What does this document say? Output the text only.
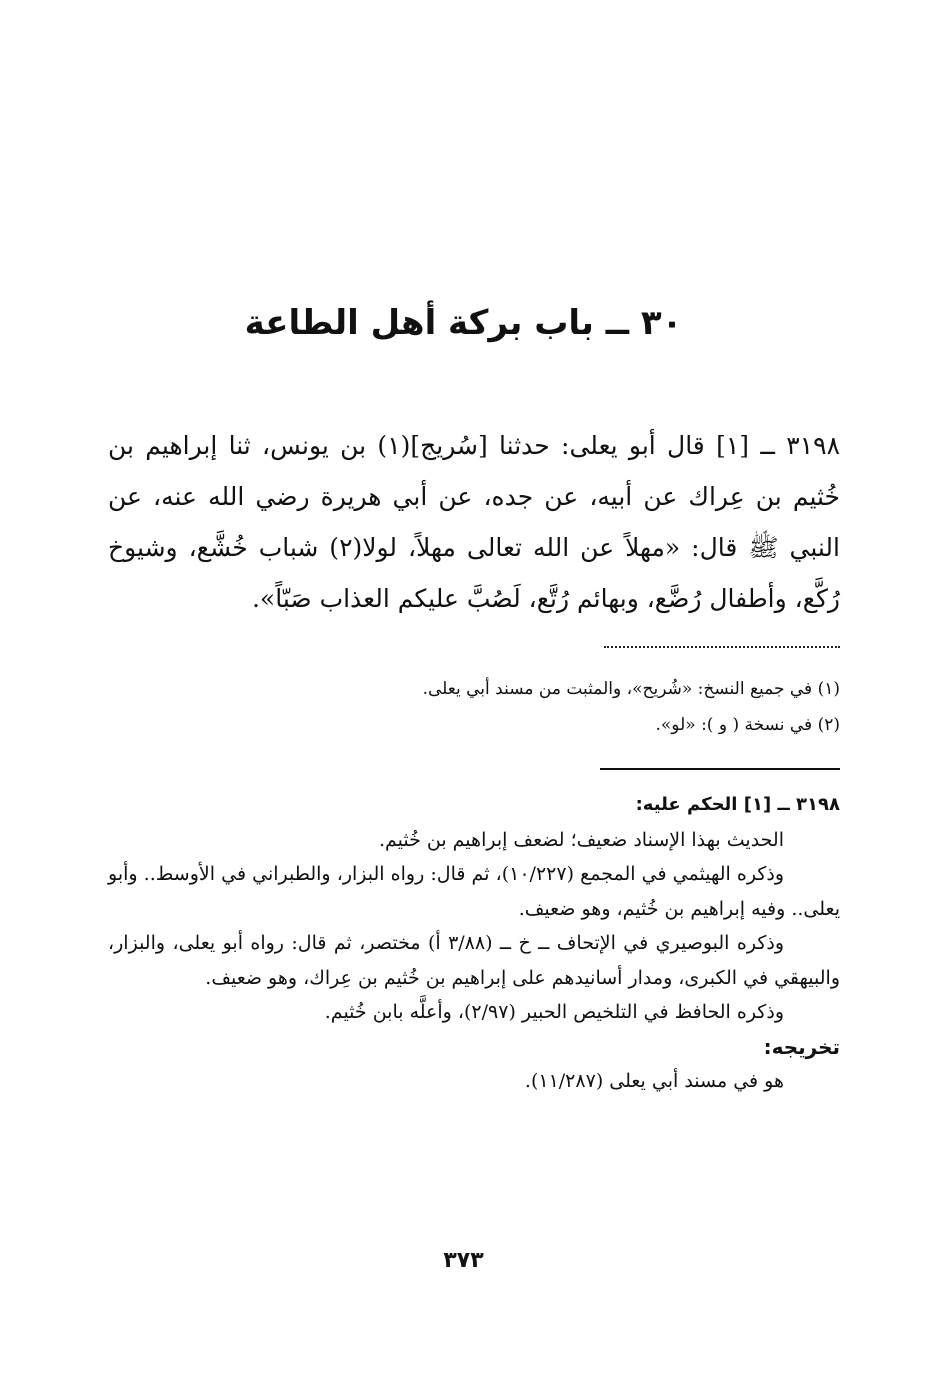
٣٠ ــ باب بركة أهل الطاعة

٣١٩٨ ــ [١] قال أبو يعلى: حدثنا [سُريج](١) بن يونس، ثنا إبراهيم بن خُثيم بن عِراك عن أبيه، عن جده، عن أبي هريرة رضي الله عنه، عن النبي ﷺ قال: «مهلاً عن الله تعالى مهلاً، لولا(٢) شباب خُشَّع، وشيوخ رُكَّع، وأطفال رُضَّع، وبهائم رُتَّع، لَصُبَّ عليكم العذاب صَبّاً».

(١) في جميع النسخ: «شُريح»، والمثبت من مسند أبي يعلى.

(٢) في نسخة ( و ): «لو».

٣١٩٨ ــ [١] الحكم عليه:

الحديث بهذا الإسناد ضعيف؛ لضعف إبراهيم بن خُثيم.

وذكره الهيثمي في المجمع (١٠/٢٢٧)، ثم قال: رواه البزار، والطبراني في الأوسط.. وأبو يعلى.. وفيه إبراهيم بن خُثيم، وهو ضعيف.

وذكره البوصيري في الإتحاف ــ خ ــ (٣/٨٨ أ) مختصر، ثم قال: رواه أبو يعلى، والبزار، والبيهقي في الكبرى، ومدار أسانيدهم على إبراهيم بن خُثيم بن عِراك، وهو ضعيف.

وذكره الحافظ في التلخيص الحبير (٢/٩٧)، وأعلَّه بابن خُثيم.

تخريجه:

هو في مسند أبي يعلى (١١/٢٨٧).

٣٧٣
